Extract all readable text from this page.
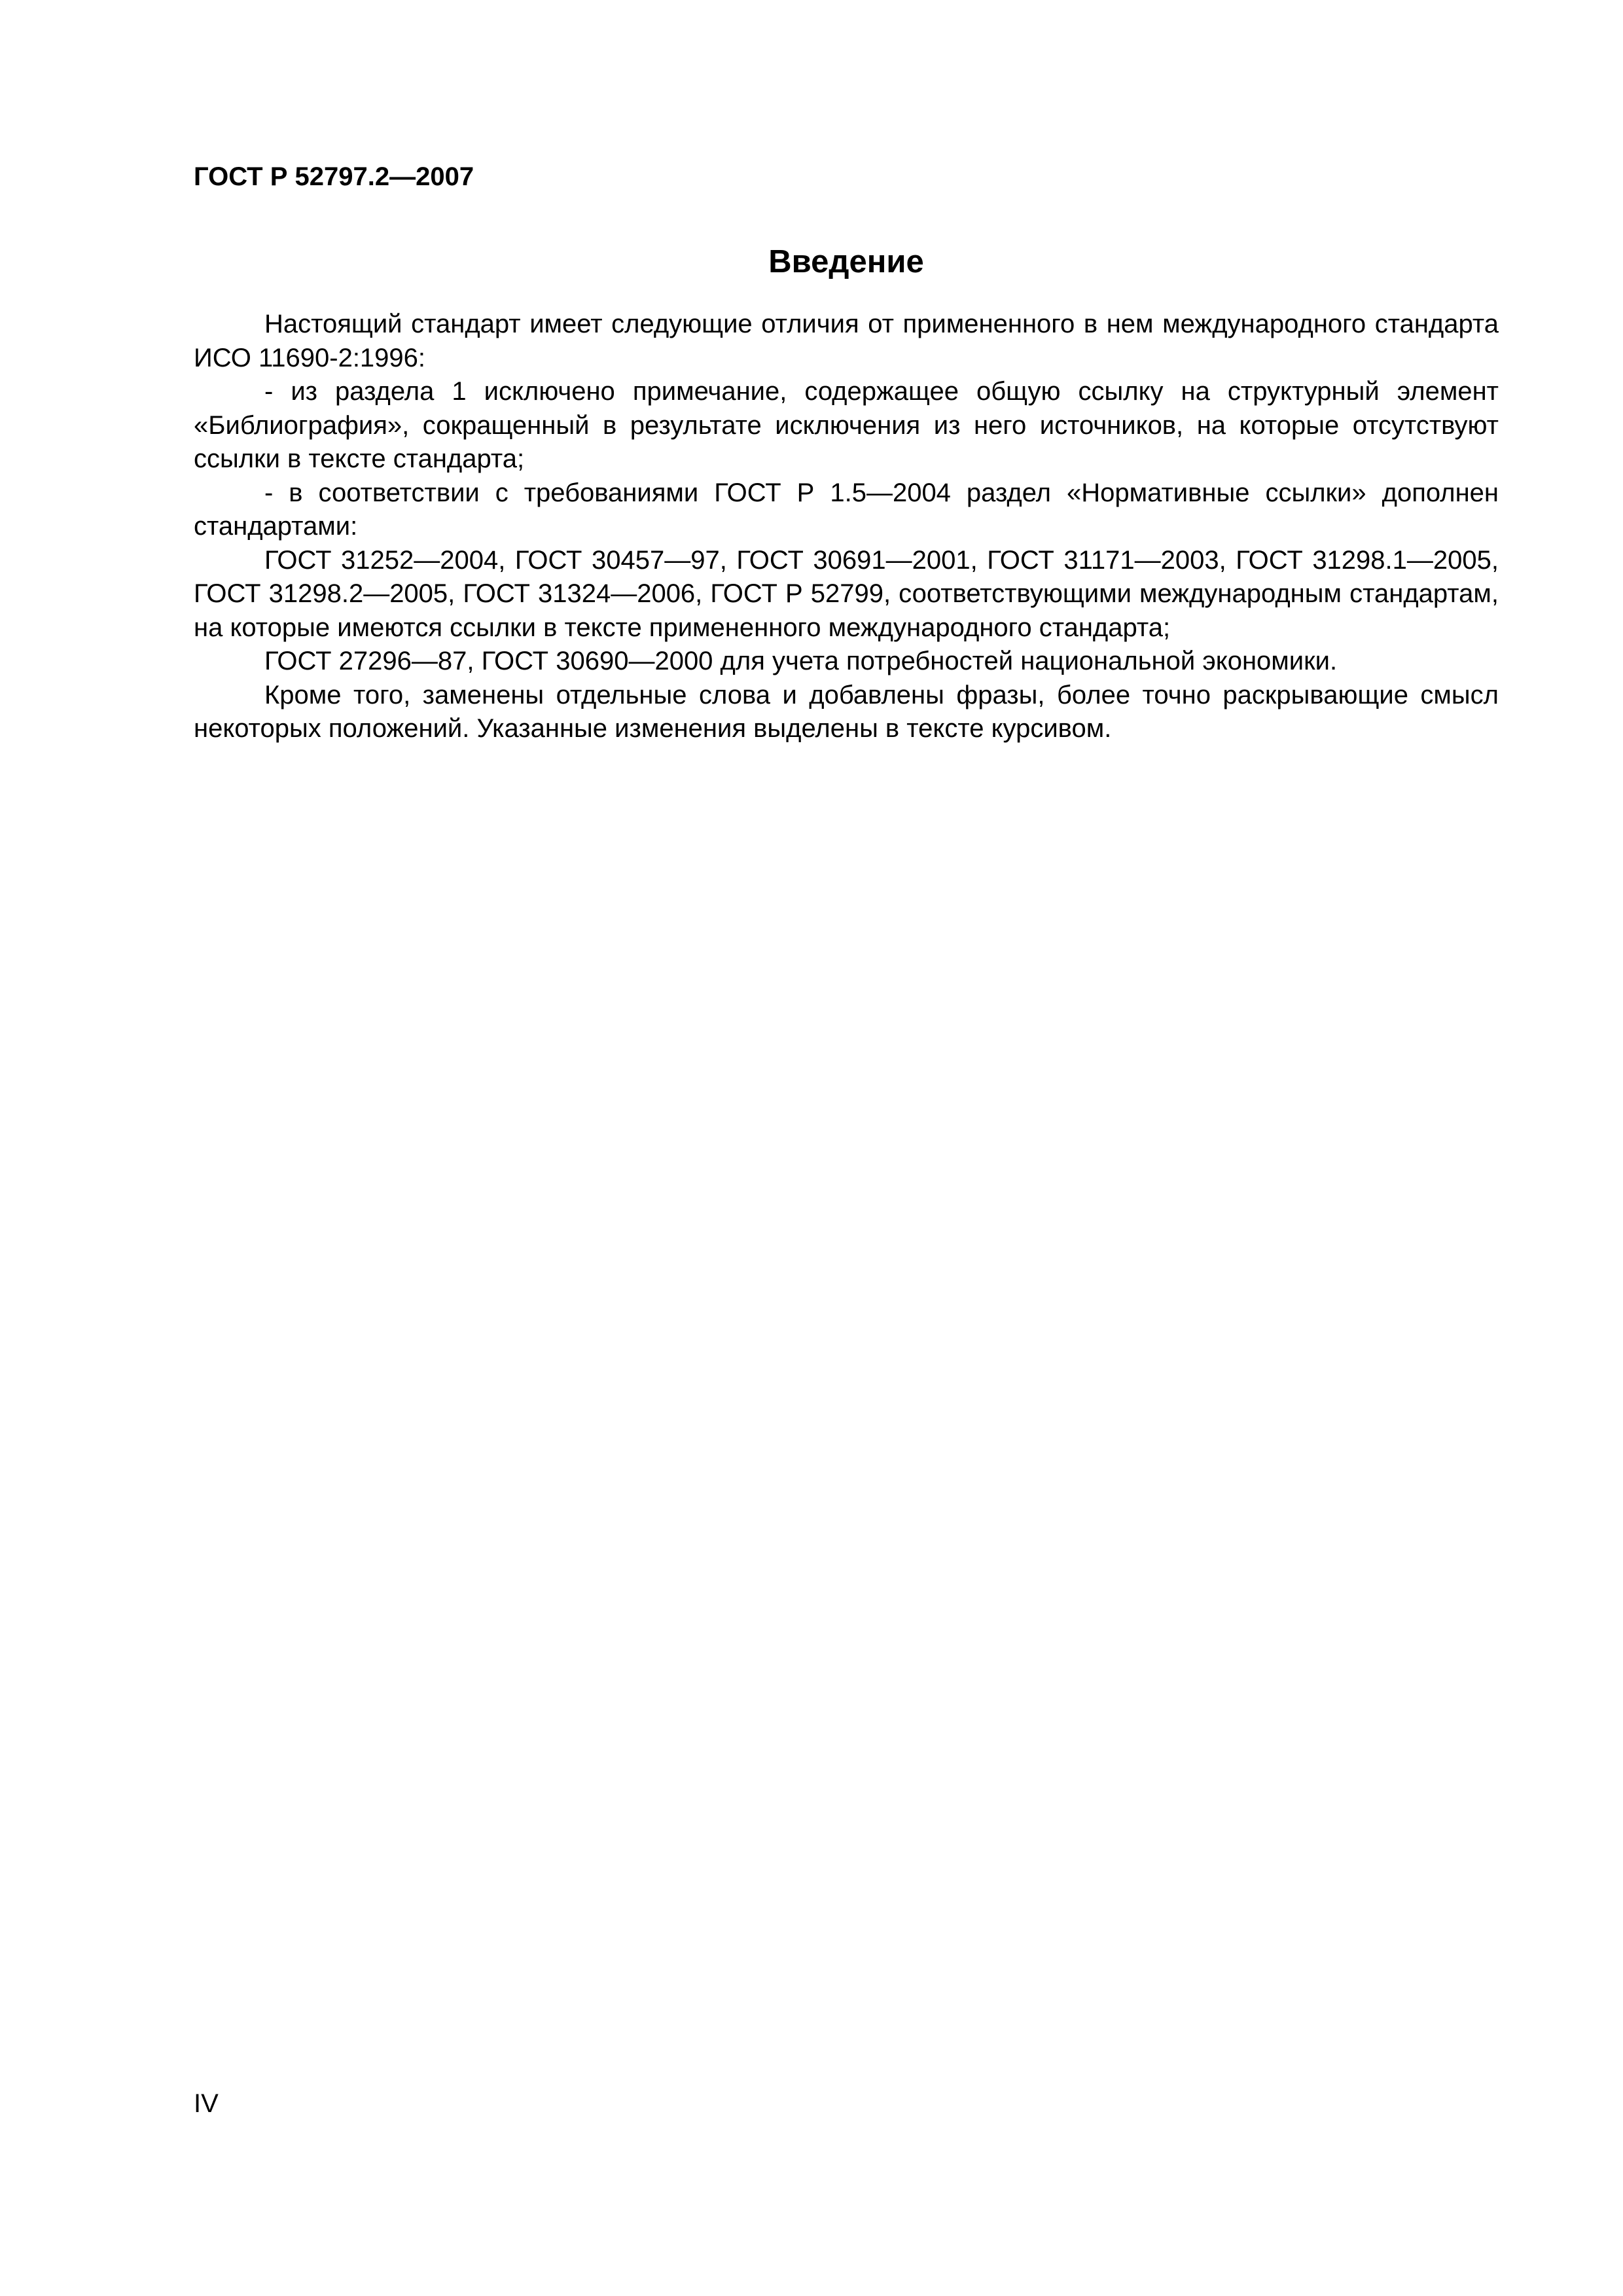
ГОСТ Р 52797.2—2007
Введение

Настоящий стандарт имеет следующие отличия от примененного в нем международного стандарта ИСО 11690-2:1996:

- из раздела 1 исключено примечание, содержащее общую ссылку на структурный элемент «Библиография», сокращенный в результате исключения из него источников, на которые отсутствуют ссылки в тексте стандарта;

- в соответствии с требованиями ГОСТ Р 1.5—2004 раздел «Нормативные ссылки» дополнен стандартами:

ГОСТ 31252—2004, ГОСТ 30457—97, ГОСТ 30691—2001, ГОСТ 31171—2003, ГОСТ 31298.1—2005, ГОСТ 31298.2—2005, ГОСТ 31324—2006, ГОСТ Р 52799, соответствующими международным стандартам, на которые имеются ссылки в тексте примененного международного стандарта;

ГОСТ 27296—87, ГОСТ 30690—2000 для учета потребностей национальной экономики.

Кроме того, заменены отдельные слова и добавлены фразы, более точно раскрывающие смысл некоторых положений. Указанные изменения выделены в тексте курсивом.

IV
